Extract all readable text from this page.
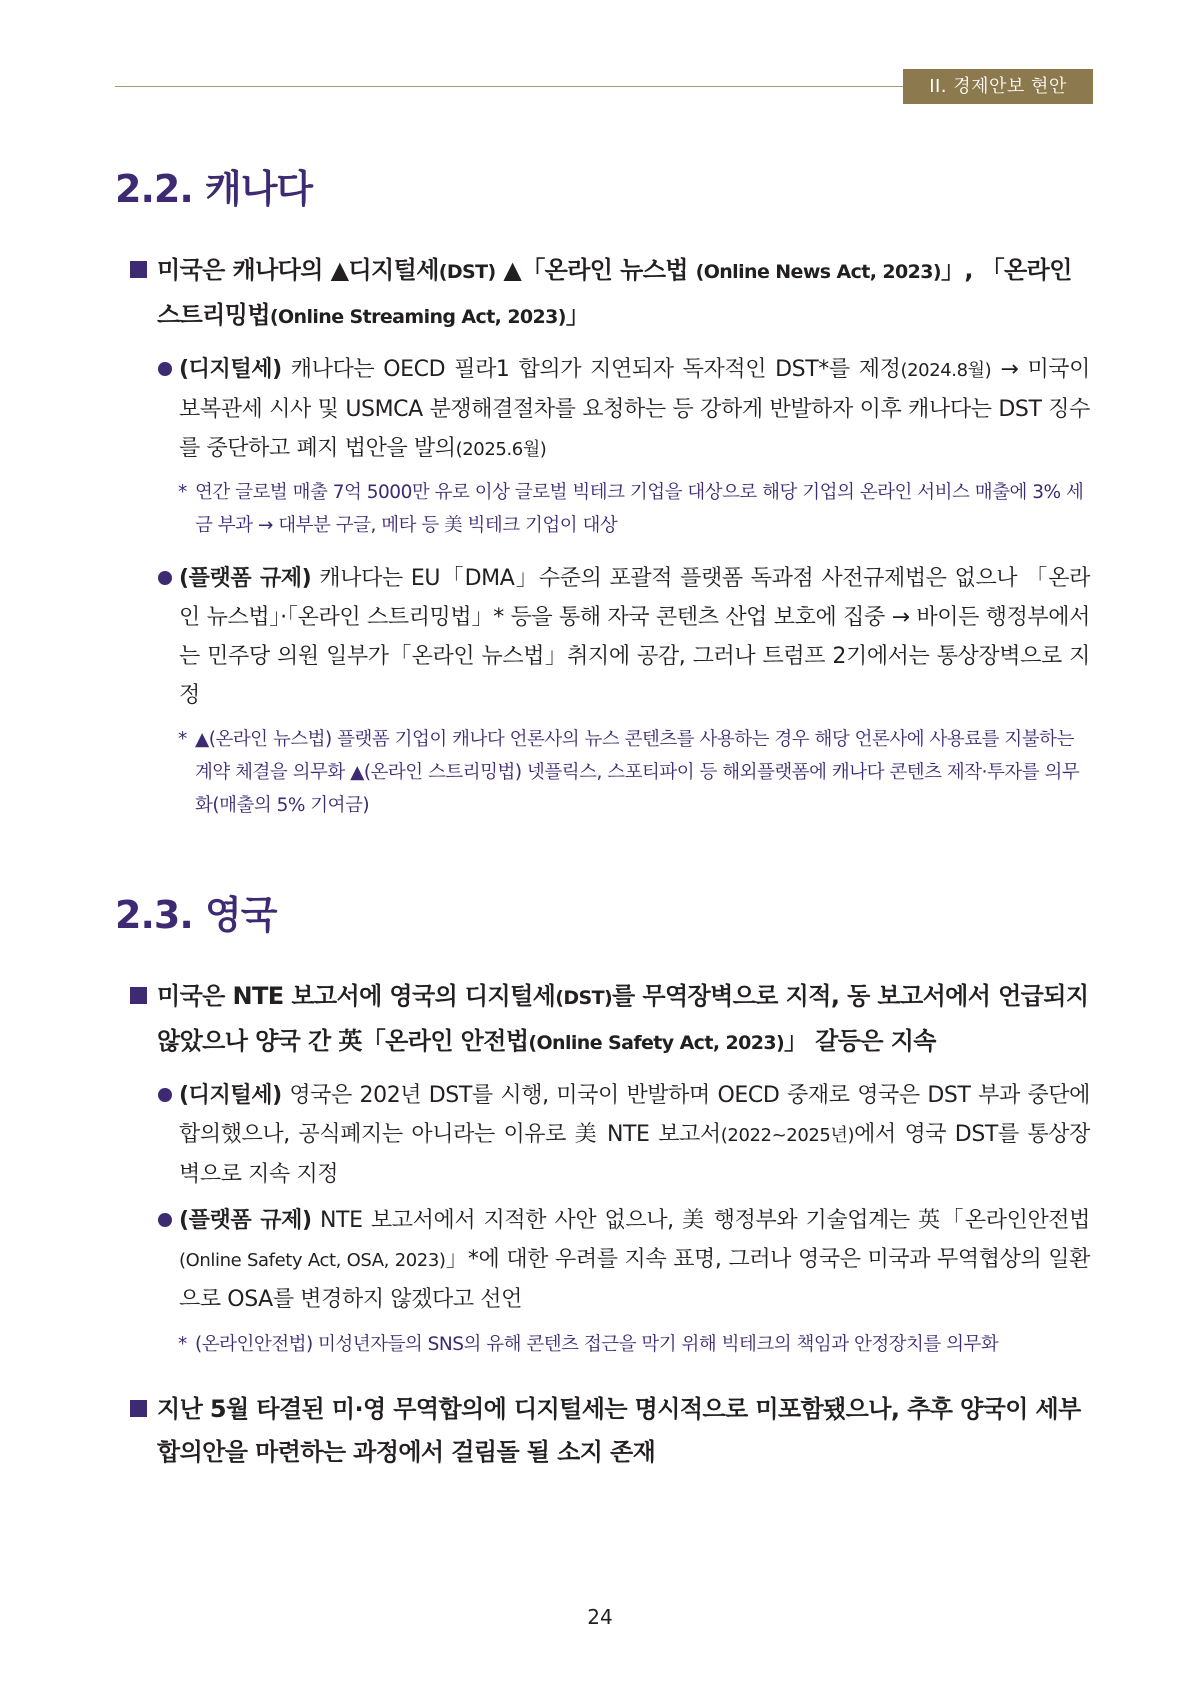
II. 경제안보 현안
2.2. 캐나다
미국은 캐나다의 ▲디지털세(DST) ▲「온라인 뉴스법 (Online News Act, 2023)」, 「온라인 스트리밍법(Online Streaming Act, 2023)」
(디지털세) 캐나다는 OECD 필라1 합의가 지연되자 독자적인 DST*를 제정(2024.8월) → 미국이 보복관세 시사 및 USMCA 분쟁해결절차를 요청하는 등 강하게 반발하자 이후 캐나다는 DST 징수를 중단하고 폐지 법안을 발의(2025.6월)
* 연간 글로벌 매출 7억 5000만 유로 이상 글로벌 빅테크 기업을 대상으로 해당 기업의 온라인 서비스 매출에 3% 세금 부과 → 대부분 구글, 메타 등 美 빅테크 기업이 대상
(플랫폼 규제) 캐나다는 EU「DMA」수준의 포괄적 플랫폼 독과점 사전규제법은 없으나 「온라인 뉴스법」·「온라인 스트리밍법」* 등을 통해 자국 콘텐츠 산업 보호에 집중 → 바이든 행정부에서는 민주당 의원 일부가「온라인 뉴스법」취지에 공감, 그러나 트럼프 2기에서는 통상장벽으로 지정
* ▲(온라인 뉴스법) 플랫폼 기업이 캐나다 언론사의 뉴스 콘텐츠를 사용하는 경우 해당 언론사에 사용료를 지불하는 계약 체결을 의무화 ▲(온라인 스트리밍법) 넷플릭스, 스포티파이 등 해외플랫폼에 캐나다 콘텐츠 제작·투자를 의무화(매출의 5% 기여금)
2.3. 영국
미국은 NTE 보고서에 영국의 디지털세(DST)를 무역장벽으로 지적, 동 보고서에서 언급되지 않았으나 양국 간 英「온라인 안전법(Online Safety Act, 2023)」 갈등은 지속
(디지털세) 영국은 202년 DST를 시행, 미국이 반발하며 OECD 중재로 영국은 DST 부과 중단에 합의했으나, 공식폐지는 아니라는 이유로 美 NTE 보고서(2022~2025년)에서 영국 DST를 통상장벽으로 지속 지정
(플랫폼 규제) NTE 보고서에서 지적한 사안 없으나, 美 행정부와 기술업계는 英「온라인안전법 (Online Safety Act, OSA, 2023)」*에 대한 우려를 지속 표명, 그러나 영국은 미국과 무역협상의 일환으로 OSA를 변경하지 않겠다고 선언
* (온라인안전법) 미성년자들의 SNS의 유해 콘텐츠 접근을 막기 위해 빅테크의 책임과 안정장치를 의무화
지난 5월 타결된 미·영 무역합의에 디지털세는 명시적으로 미포함됐으나, 추후 양국이 세부 합의안을 마련하는 과정에서 걸림돌 될 소지 존재
24
